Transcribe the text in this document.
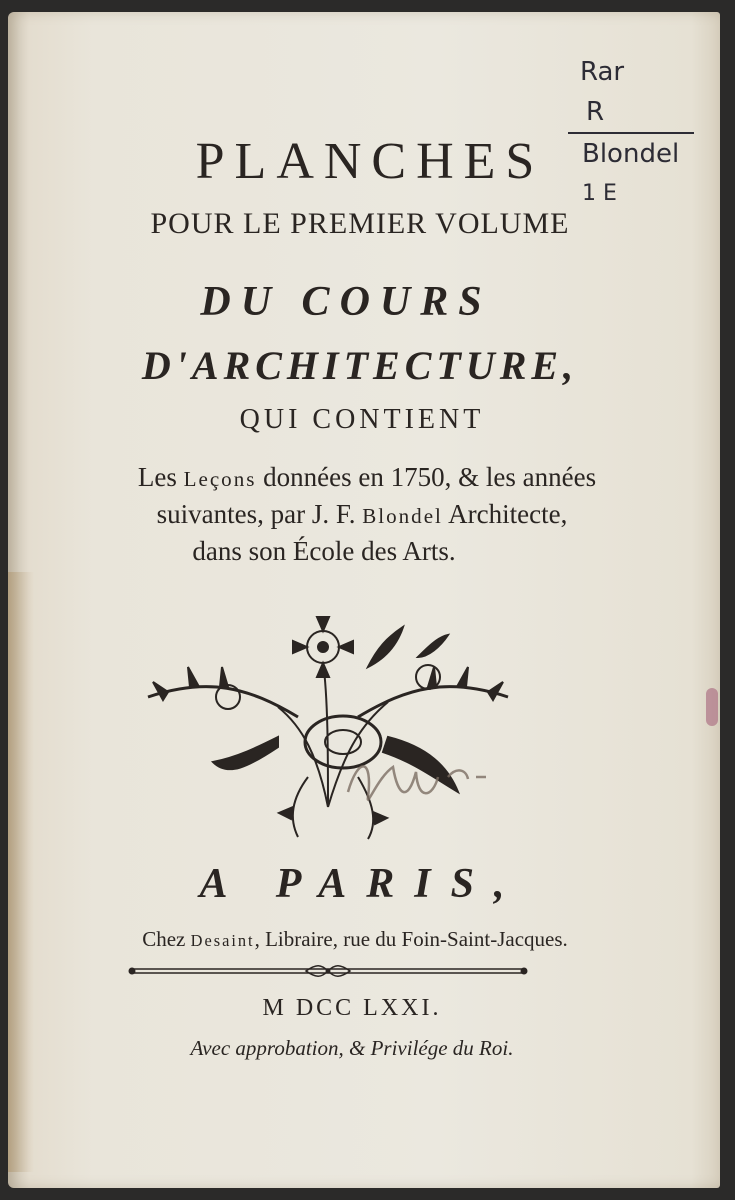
Rar
R
Blondel
1 E
PLANCHES
POUR LE PREMIER VOLUME
DU COURS
D'ARCHITECTURE,
QUI CONTIENT
Les Leçons données en 1750, & les années
suivantes, par J. F. Blondel Architecte,
dans son École des Arts.
A PARIS,
Chez Desaint, Libraire, rue du Foin-Saint-Jacques.
M DCC LXXI.
Avec approbation, & Privilége du Roi.
